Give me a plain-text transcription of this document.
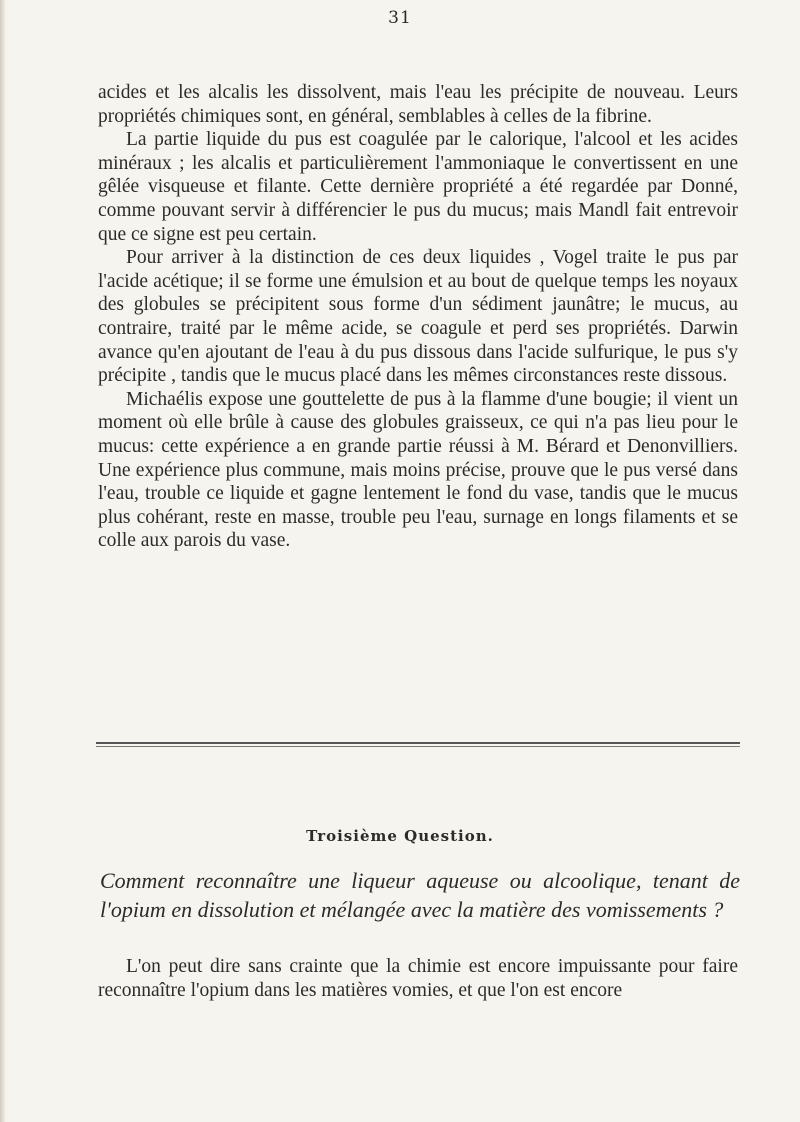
31

acides et les alcalis les dissolvent, mais l'eau les précipite de nouveau. Leurs propriétés chimiques sont, en général, semblables à celles de la fibrine.

La partie liquide du pus est coagulée par le calorique, l'alcool et les acides minéraux ; les alcalis et particulièrement l'ammoniaque le convertissent en une gêlée visqueuse et filante. Cette dernière propriété a été regardée par Donné, comme pouvant servir à différencier le pus du mucus; mais Mandl fait entrevoir que ce signe est peu certain.

Pour arriver à la distinction de ces deux liquides , Vogel traite le pus par l'acide acétique; il se forme une émulsion et au bout de quelque temps les noyaux des globules se précipitent sous forme d'un sédiment jaunâtre; le mucus, au contraire, traité par le même acide, se coagule et perd ses propriétés. Darwin avance qu'en ajoutant de l'eau à du pus dissous dans l'acide sulfurique, le pus s'y précipite , tandis que le mucus placé dans les mêmes circonstances reste dissous.

Michaélis expose une gouttelette de pus à la flamme d'une bougie; il vient un moment où elle brûle à cause des globules graisseux, ce qui n'a pas lieu pour le mucus: cette expérience a en grande partie réussi à M. Bérard et Denonvilliers. Une expérience plus commune, mais moins précise, prouve que le pus versé dans l'eau, trouble ce liquide et gagne lentement le fond du vase, tandis que le mucus plus cohérant, reste en masse, trouble peu l'eau, surnage en longs filaments et se colle aux parois du vase.

Troisième Question.

Comment reconnaître une liqueur aqueuse ou alcoolique, tenant de l'opium en dissolution et mélangée avec la matière des vomissements ?

L'on peut dire sans crainte que la chimie est encore impuissante pour faire reconnaître l'opium dans les matières vomies, et que l'on est encore
